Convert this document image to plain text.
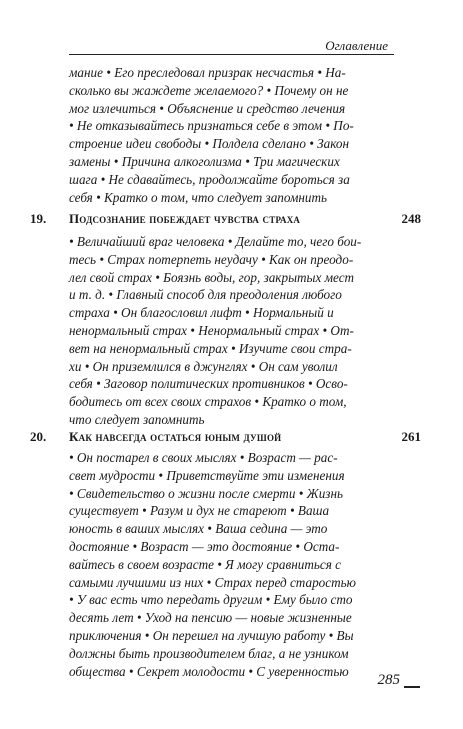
Оглавление
мание • Его преследовал призрак несчастья • На-
сколько вы жаждете желаемого? • Почему он не
мог излечиться • Объяснение и средство лечения
• Не отказывайтесь признаться себе в этом • По-
строение идеи свободы • Полдела сделано • Закон
замены • Причина алкоголизма • Три магических
шага • Не сдавайтесь, продолжайте бороться за
себя • Кратко о том, что следует запомнить
19. Подсознание побеждает чувства страха	248
• Величайший враг человека • Делайте то, чего бои-
тесь • Страх потерпеть неудачу • Как он преодо-
лел свой страх • Боязнь воды, гор, закрытых мест
и т. д. • Главный способ для преодоления любого
страха • Он благословил лифт • Нормальный и
ненормальный страх • Ненормальный страх • От-
вет на ненормальный страх • Изучите свои стра-
хи • Он приземлился в джунглях • Он сам уволил
себя • Заговор политических противников • Осво-
бодитесь от всех своих страхов • Кратко о том,
что следует запомнить
20. Как навсегда остаться юным душой	261
• Он постарел в своих мыслях • Возраст — рас-
свет мудрости • Приветствуйте эти изменения
• Свидетельство о жизни после смерти • Жизнь
существует • Разум и дух не стареют • Ваша
юность в ваших мыслях • Ваша седина — это
достояние • Возраст — это достояние • Оста-
вайтесь в своем возрасте • Я могу сравниться с
самыми лучшими из них • Страх перед старостью
• У вас есть что передать другим • Ему было сто
десять лет • Уход на пенсию — новые жизненные
приключения • Он перешел на лучшую работу • Вы
должны быть производителем благ, а не узником
общества • Секрет молодости • С уверенностью
285
